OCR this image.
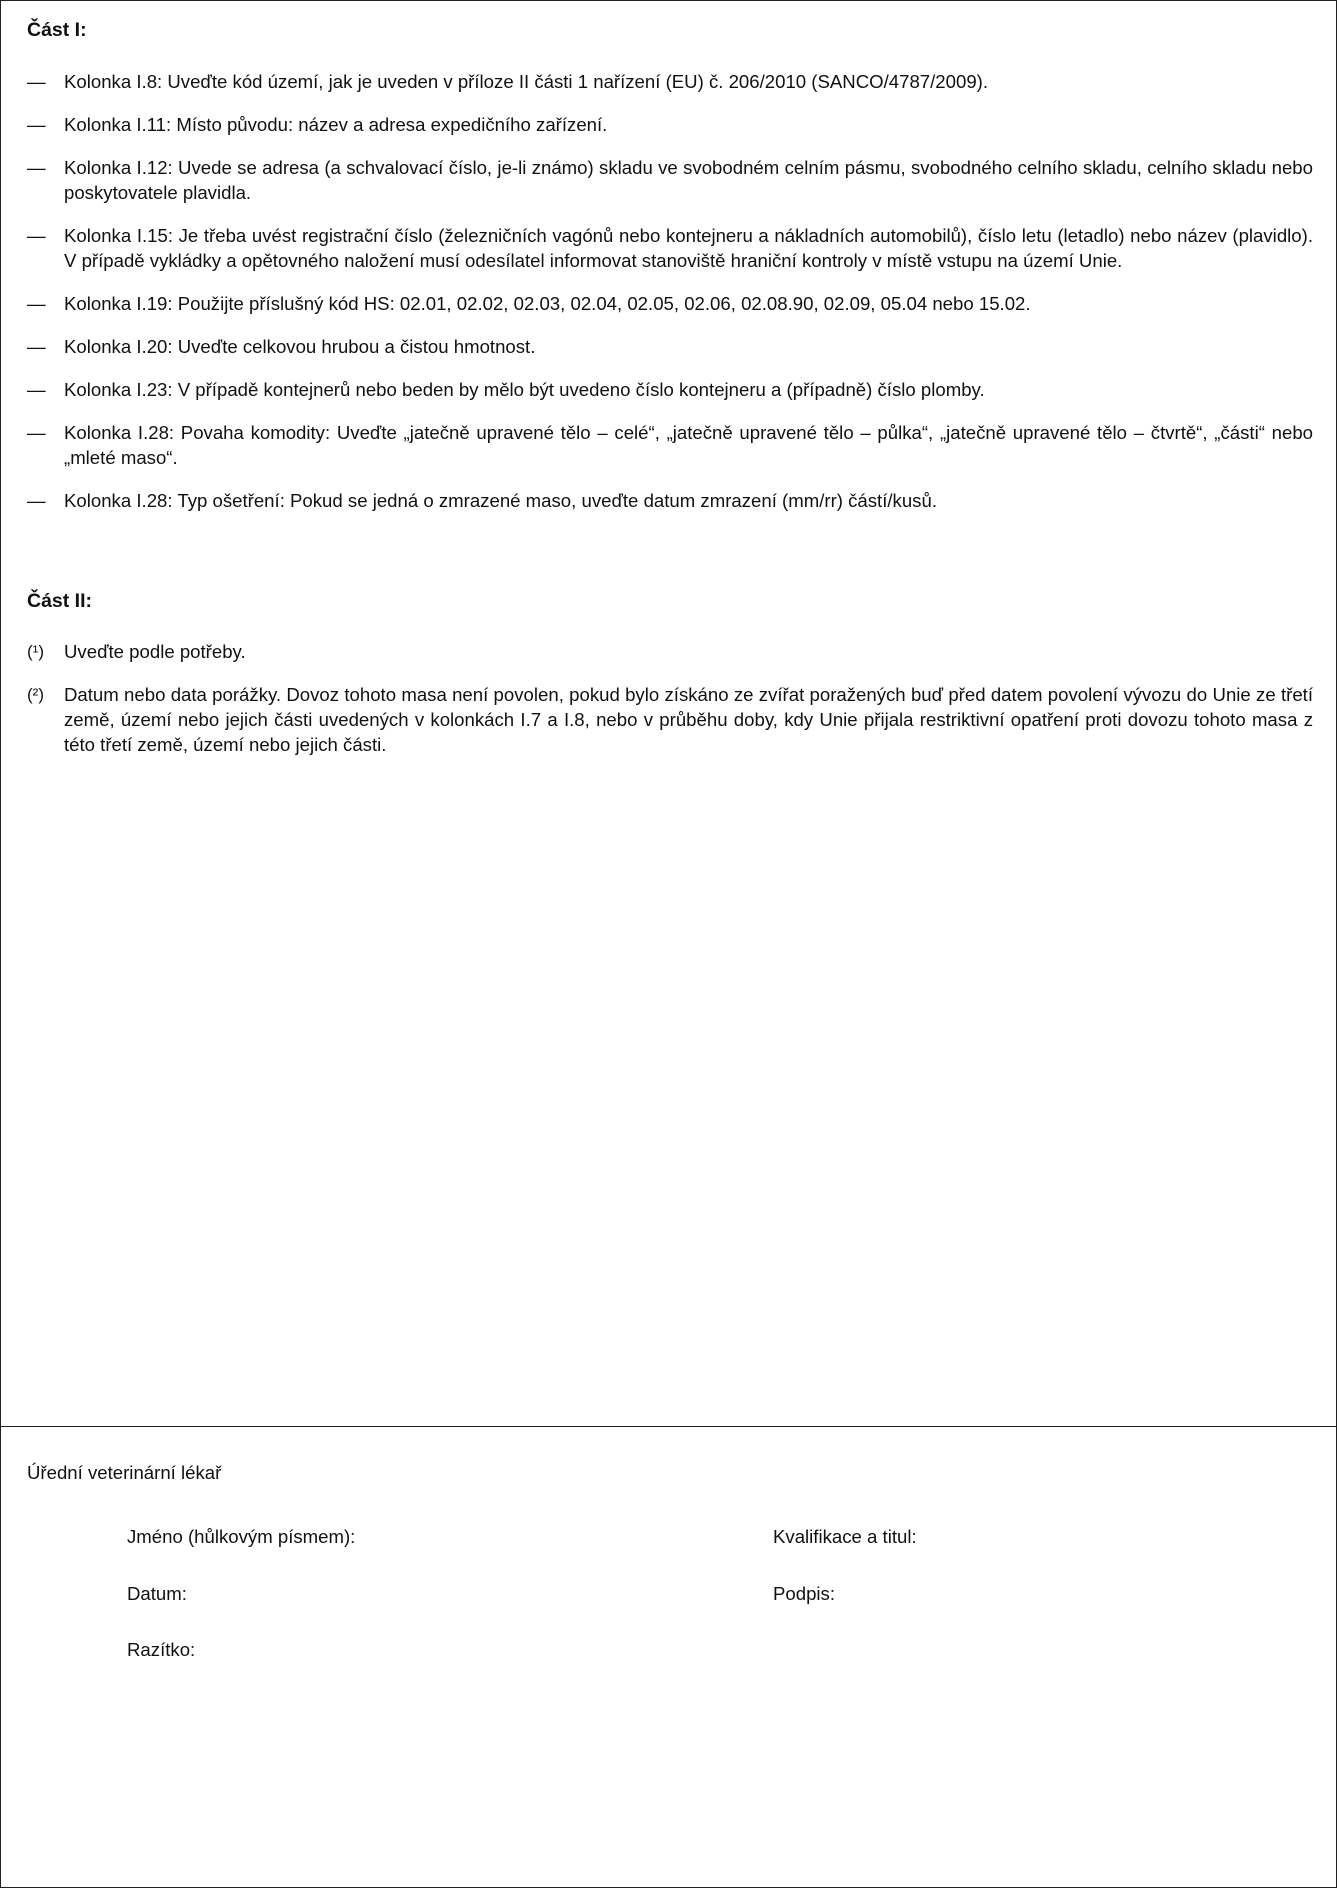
Část I:
— Kolonka I.8: Uveďte kód území, jak je uveden v příloze II části 1 nařízení (EU) č. 206/2010 (SANCO/4787/2009).
— Kolonka I.11: Místo původu: název a adresa expedičního zařízení.
— Kolonka I.12: Uvede se adresa (a schvalovací číslo, je-li známo) skladu ve svobodném celním pásmu, svobodného celního skladu, celního skladu nebo poskytovatele plavidla.
— Kolonka I.15: Je třeba uvést registrační číslo (železničních vagónů nebo kontejneru a nákladních automobilů), číslo letu (letadlo) nebo název (plavidlo). V případě vykládky a opětovného naložení musí odesílatel informovat stanoviště hraniční kontroly v místě vstupu na území Unie.
— Kolonka I.19: Použijte příslušný kód HS: 02.01, 02.02, 02.03, 02.04, 02.05, 02.06, 02.08.90, 02.09, 05.04 nebo 15.02.
— Kolonka I.20: Uveďte celkovou hrubou a čistou hmotnost.
— Kolonka I.23: V případě kontejnerů nebo beden by mělo být uvedeno číslo kontejneru a (případně) číslo plomby.
— Kolonka I.28: Povaha komodity: Uveďte „jatečně upravené tělo – celé“, „jatečně upravené tělo – půlka“, „jatečně upravené tělo – čtvrtě“, „části“ nebo „mleté maso“.
— Kolonka I.28: Typ ošetření: Pokud se jedná o zmrazené maso, uveďte datum zmrazení (mm/rr) částí/kusů.
Část II:
(¹) Uveďte podle potřeby.
(²) Datum nebo data porážky. Dovoz tohoto masa není povolen, pokud bylo získáno ze zvířat poražených buď před datem povolení vývozu do Unie ze třetí země, území nebo jejich části uvedených v kolonkách I.7 a I.8, nebo v průběhu doby, kdy Unie přijala restriktivní opatření proti dovozu tohoto masa z této třetí země, území nebo jejich části.
Úřední veterinární lékař
Jméno (hůlkovým písmem):	Kvalifikace a titul:
Datum:	Podpis:
Razítko:
